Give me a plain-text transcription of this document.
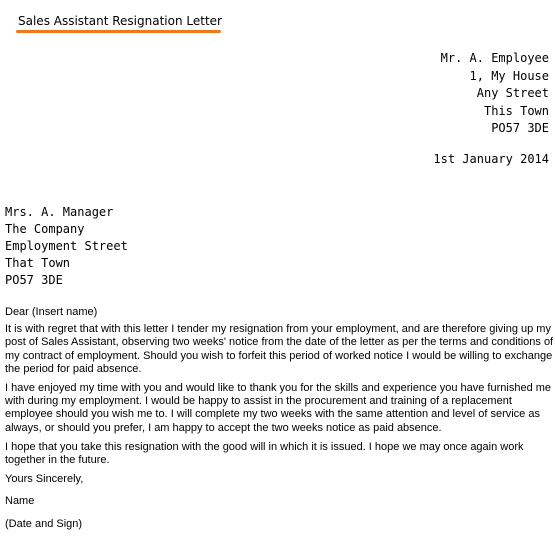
Sales Assistant Resignation Letter
Mr. A. Employee
1, My House
Any Street
This Town
PO57 3DE
1st January 2014
Mrs. A. Manager
The Company
Employment Street
That Town
PO57 3DE

Dear (Insert name)

It is with regret that with this letter I tender my resignation from your employment, and are therefore giving up my post of Sales Assistant, observing two weeks' notice from the date of the letter as per the terms and conditions of my contract of employment. Should you wish to forfeit this period of worked notice I would be willing to exchange the period for paid absence.

I have enjoyed my time with you and would like to thank you for the skills and experience you have furnished me with during my employment. I would be happy to assist in the procurement and training of a replacement employee should you wish me to. I will complete my two weeks with the same attention and level of service as always, or should you prefer, I am happy to accept the two weeks notice as paid absence.

I hope that you take this resignation with the good will in which it is issued. I hope we may once again work together in the future.

Yours Sincerely,

Name

(Date and Sign)
